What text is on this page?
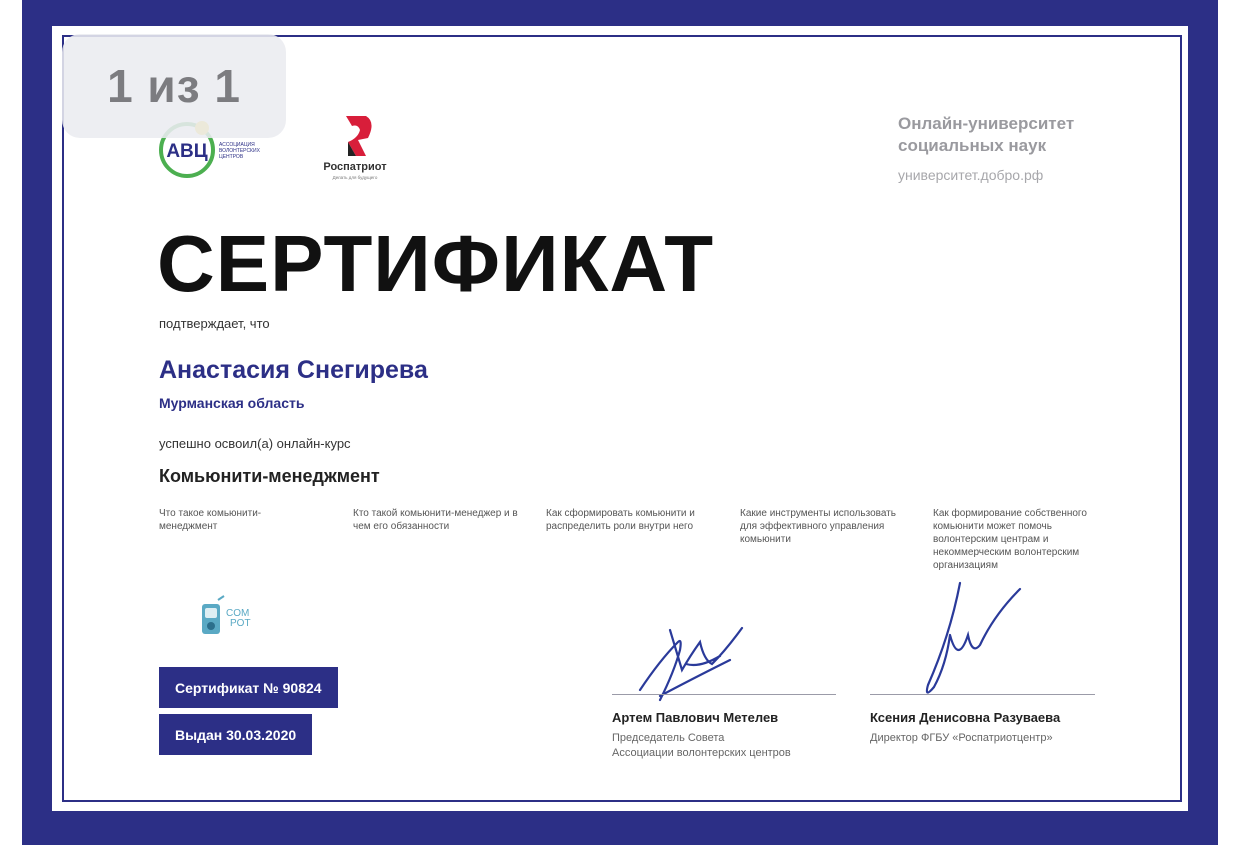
АВЦ АССОЦИАЦИЯ ВОЛОНТЕРСКИХ ЦЕНТРОВ
Роспатриот
Делать для будущего
1 из 1
Онлайн-университет
социальных наук
университет.добро.рф
СЕРТИФИКАТ
подтверждает, что
Анастасия Снегирева
Мурманская область
успешно освоил(а) онлайн-курс
Комьюнити-менеджмент
Что такое комьюнити-менеджмент
Кто такой комьюнити-менеджер и в чем его обязанности
Как сформировать комьюнити и распределить роли внутри него
Какие инструменты использовать для эффективного управления комьюнити
Как формирование собственного комьюнити может помочь волонтерским центрам и некоммерческим волонтерским организациям
COM POT
Сертификат № 90824
Выдан 30.03.2020
Артем Павлович Метелев
Председатель Совета
Ассоциации волонтерских центров
Ксения Денисовна Разуваева
Директор ФГБУ «Роспатриотцентр»
